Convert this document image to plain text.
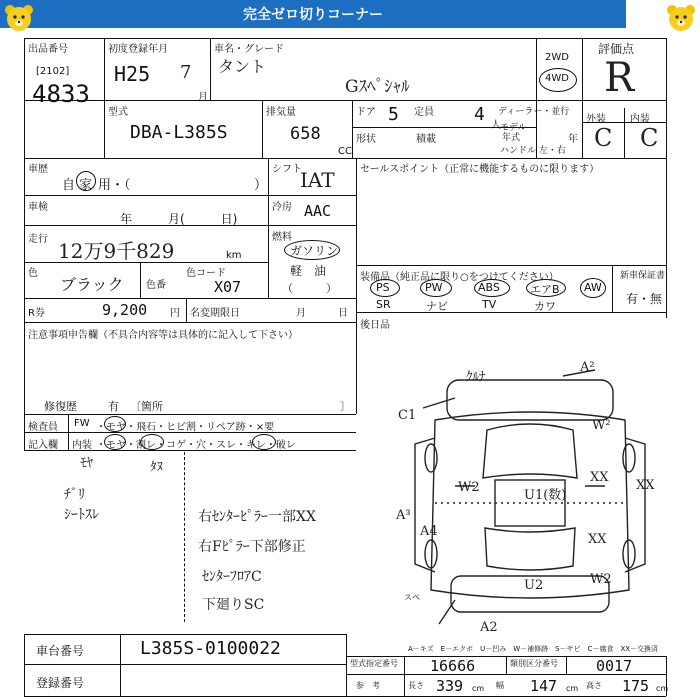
完全ゼロ切りコーナー
出品番号
[2102]
4833
初度登録年月
H25 7
月
車名・グレード
タント
Gｽﾍﾟｼｬﾙ
2WD
4WD
評価点
R
型式
DBA-L385S
排気量
658
CC
ドア 5 定員 4
人
形状	積載
ディーラー・並行
モデル
年式	年
ハンドル 左・右
外装 内装
C C
車歴
自 家 用・（	）
シフト
IAT
車検
年　　　月(　　　日)
冷房 AAC
走行 12万9千829	km
燃料
ガソリン
軽　油
（　　　）
色
ブラック 色番
色コード
X07
R券	9,200 円 名変期限日	月	日
セールスポイント（正常に機能するものに限ります）
装備品（純正品に限り○をつけてください）	新車保証書
有・無
PS	PW	ABS	エアB AW
SR	ナビ	TV	カワ
後日品
注意事項申告欄（不具合内容等は具体的に記入して下さい）
修復歴	有 〔箇所	〕
検査員
記入欄
FW ・モヤ・飛石・ヒビ割・リペア跡・×要
内装 ・モヤ・割レ・コゲ・穴・スレ・キレ・破レ
ﾓﾔ	ﾀﾇ
ﾁﾞﾘ
ｼｰﾄｽﾚ	右ｾﾝﾀｰﾋﾟﾗｰ一部XX
右Fﾋﾟﾗｰ下部修正
ｾﾝﾀｰﾌﾛｱC
下廻りSC
ｸﾙﾅ
A²
C1
W²
W2
U1(数)
XX
XX
A³
A4
XX
U2	W2
A2
スペ
A－キズ　E－エクボ　U－凹み　W－補修跡　S－サビ　C－腐食　XX－交換済
車台番号	L385S-0100022
登録番号
型式指定番号 16666	類別区分番号	0017
参　考	長さ 339 cm 幅 147 cm 高さ 175 cm
